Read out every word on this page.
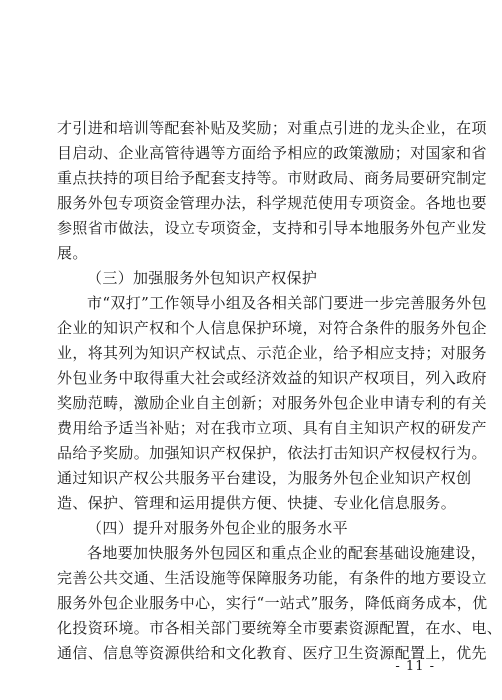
才引进和培训等配套补贴及奖励；对重点引进的龙头企业，在项
目启动、企业高管待遇等方面给予相应的政策激励；对国家和省
重点扶持的项目给予配套支持等。市财政局、商务局要研究制定
服务外包专项资金管理办法，科学规范使用专项资金。各地也要
参照省市做法，设立专项资金，支持和引导本地服务外包产业发
展。
（三）加强服务外包知识产权保护
市“双打”工作领导小组及各相关部门要进一步完善服务外包
企业的知识产权和个人信息保护环境，对符合条件的服务外包企
业，将其列为知识产权试点、示范企业，给予相应支持；对服务
外包业务中取得重大社会或经济效益的知识产权项目，列入政府
奖励范畴，激励企业自主创新；对服务外包企业申请专利的有关
费用给予适当补贴；对在我市立项、具有自主知识产权的研发产
品给予奖励。加强知识产权保护，依法打击知识产权侵权行为。
通过知识产权公共服务平台建设，为服务外包企业知识产权创
造、保护、管理和运用提供方便、快捷、专业化信息服务。
（四）提升对服务外包企业的服务水平
各地要加快服务外包园区和重点企业的配套基础设施建设，
完善公共交通、生活设施等保障服务功能，有条件的地方要设立
服务外包企业服务中心，实行“一站式”服务，降低商务成本，优
化投资环境。市各相关部门要统筹全市要素资源配置，在水、电、
通信、信息等资源供给和文化教育、医疗卫生资源配置上，优先
- 11 -
